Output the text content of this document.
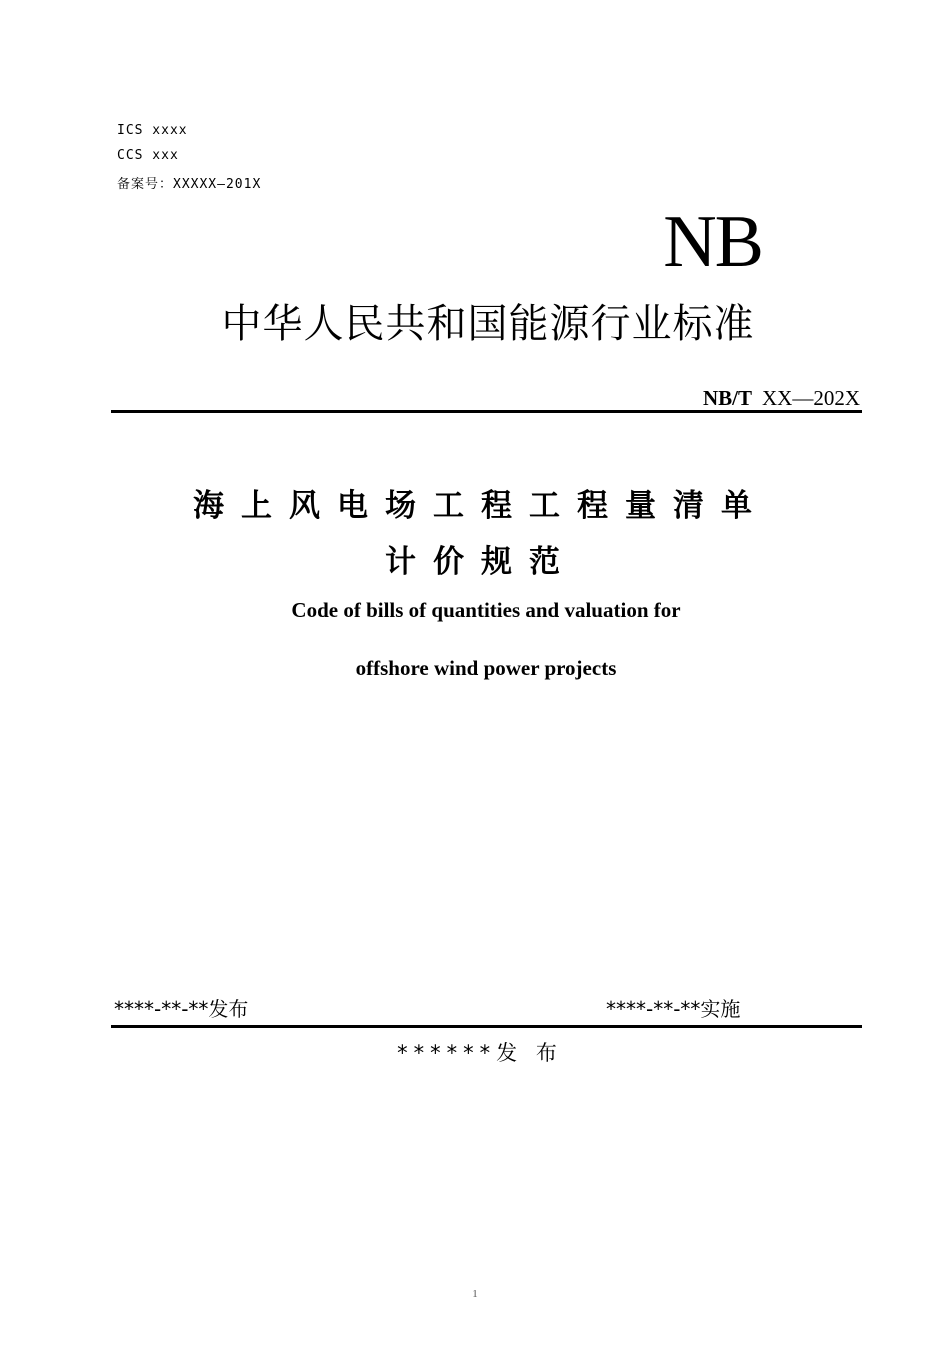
ICS xxxx
CCS xxx
备案号：XXXXX—201X
NB
中华人民共和国能源行业标准
NB/T XX—202X
海上风电场工程工程量清单
计价规范
Code of bills of quantities and valuation for
offshore wind power projects
****-**-**发布	****-**-**实施
******发 布
1
